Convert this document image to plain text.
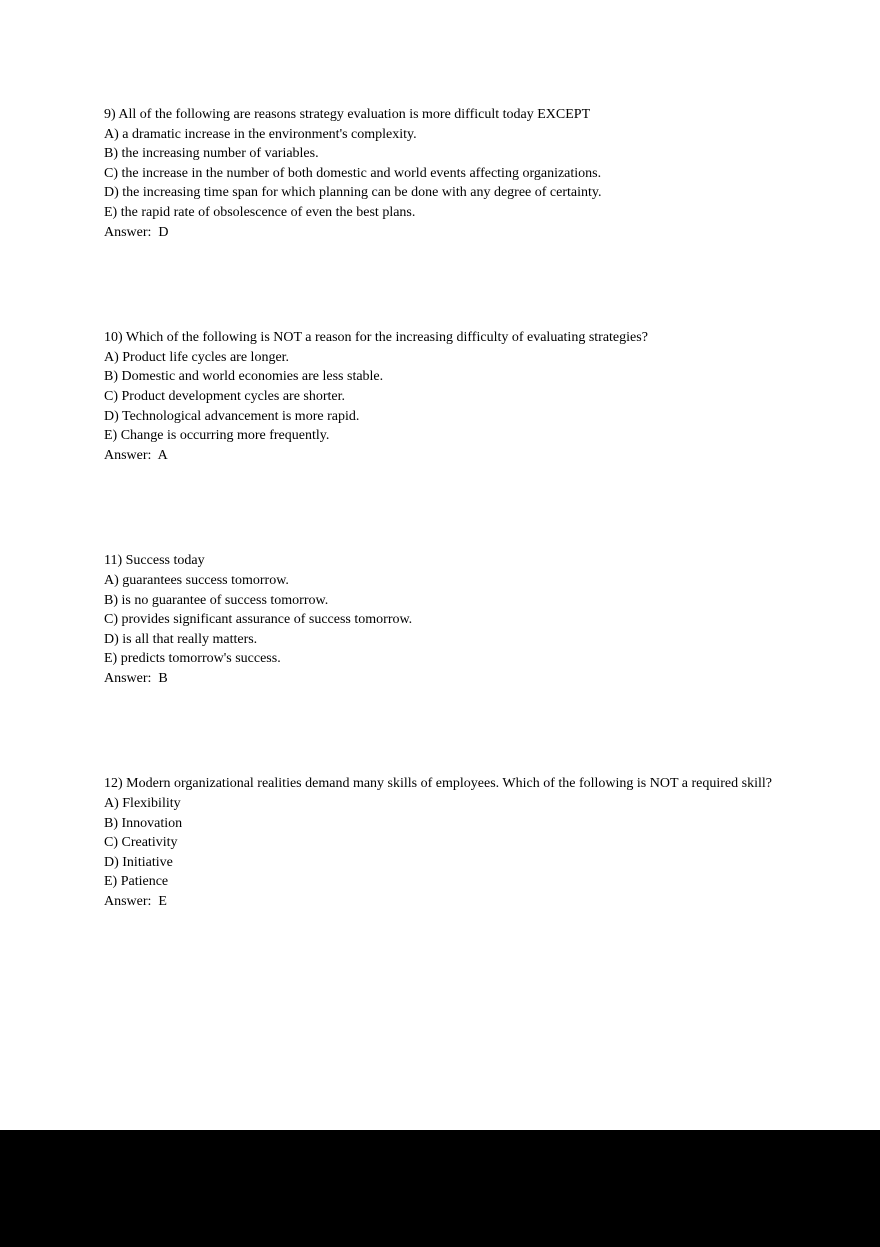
9) All of the following are reasons strategy evaluation is more difficult today EXCEPT

A) a dramatic increase in the environment's complexity.

B) the increasing number of variables.

C) the increase in the number of both domestic and world events affecting organizations.

D) the increasing time span for which planning can be done with any degree of certainty.

E) the rapid rate of obsolescence of even the best plans.

Answer:  D

10) Which of the following is NOT a reason for the increasing difficulty of evaluating strategies?

A) Product life cycles are longer.

B) Domestic and world economies are less stable.

C) Product development cycles are shorter.

D) Technological advancement is more rapid.

E) Change is occurring more frequently.

Answer:  A

11) Success today

A) guarantees success tomorrow.

B) is no guarantee of success tomorrow.

C) provides significant assurance of success tomorrow.

D) is all that really matters.

E) predicts tomorrow's success.

Answer:  B

12) Modern organizational realities demand many skills of employees. Which of the following is NOT a required skill?

A) Flexibility

B) Innovation

C) Creativity

D) Initiative

E) Patience

Answer:  E
